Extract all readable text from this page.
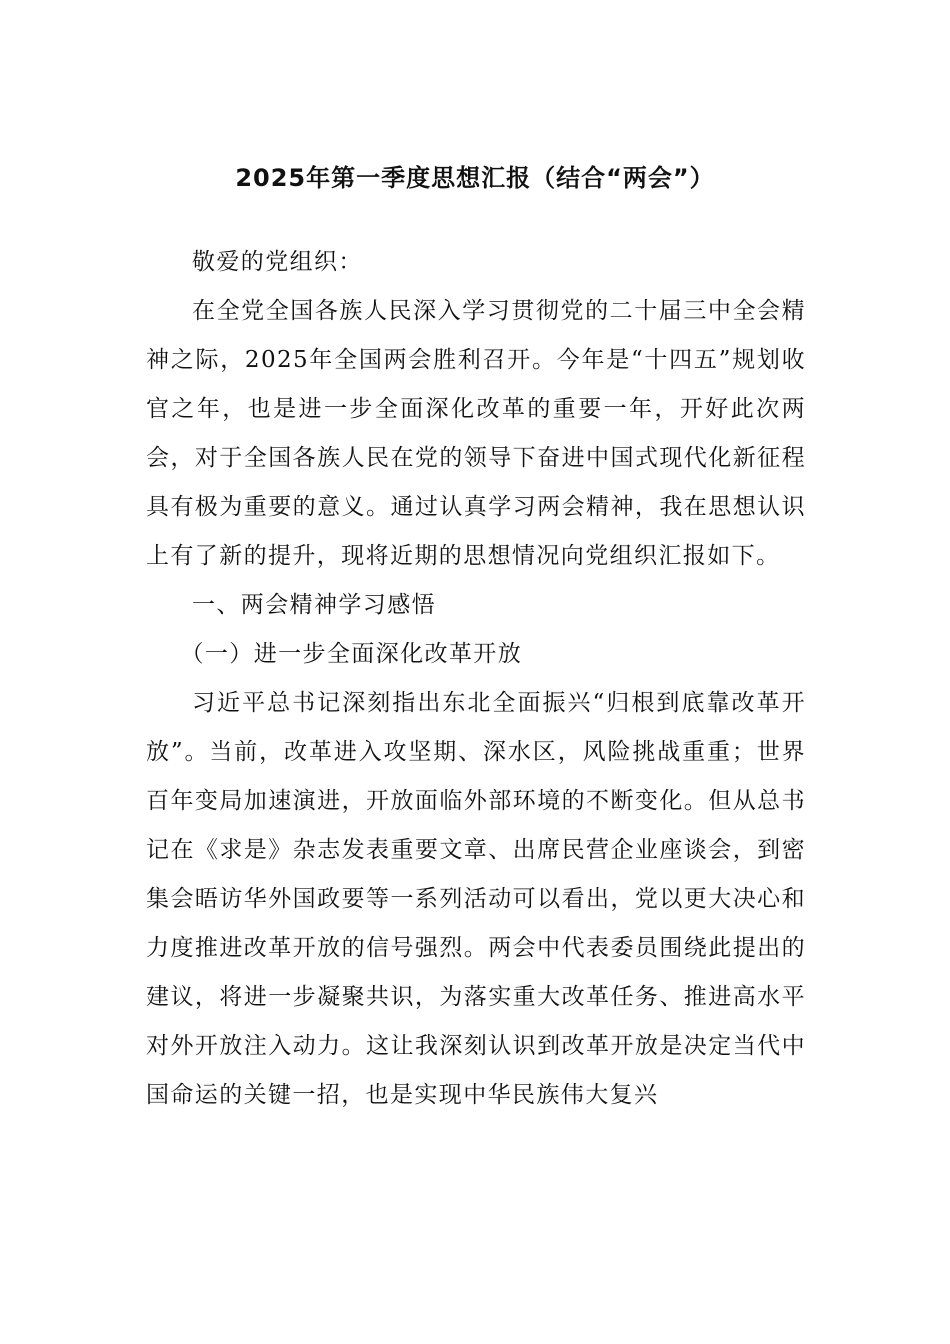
2025年第一季度思想汇报（结合“两会”）

敬爱的党组织：

在全党全国各族人民深入学习贯彻党的二十届三中全会精神之际，2025年全国两会胜利召开。今年是“十四五”规划收官之年，也是进一步全面深化改革的重要一年，开好此次两会，对于全国各族人民在党的领导下奋进中国式现代化新征程具有极为重要的意义。通过认真学习两会精神，我在思想认识上有了新的提升，现将近期的思想情况向党组织汇报如下。

一、两会精神学习感悟

（一）进一步全面深化改革开放

习近平总书记深刻指出东北全面振兴“归根到底靠改革开放”。当前，改革进入攻坚期、深水区，风险挑战重重；世界百年变局加速演进，开放面临外部环境的不断变化。但从总书记在《求是》杂志发表重要文章、出席民营企业座谈会，到密集会晤访华外国政要等一系列活动可以看出，党以更大决心和力度推进改革开放的信号强烈。两会中代表委员围绕此提出的建议，将进一步凝聚共识，为落实重大改革任务、推进高水平对外开放注入动力。这让我深刻认识到改革开放是决定当代中国命运的关键一招，也是实现中华民族伟大复兴
